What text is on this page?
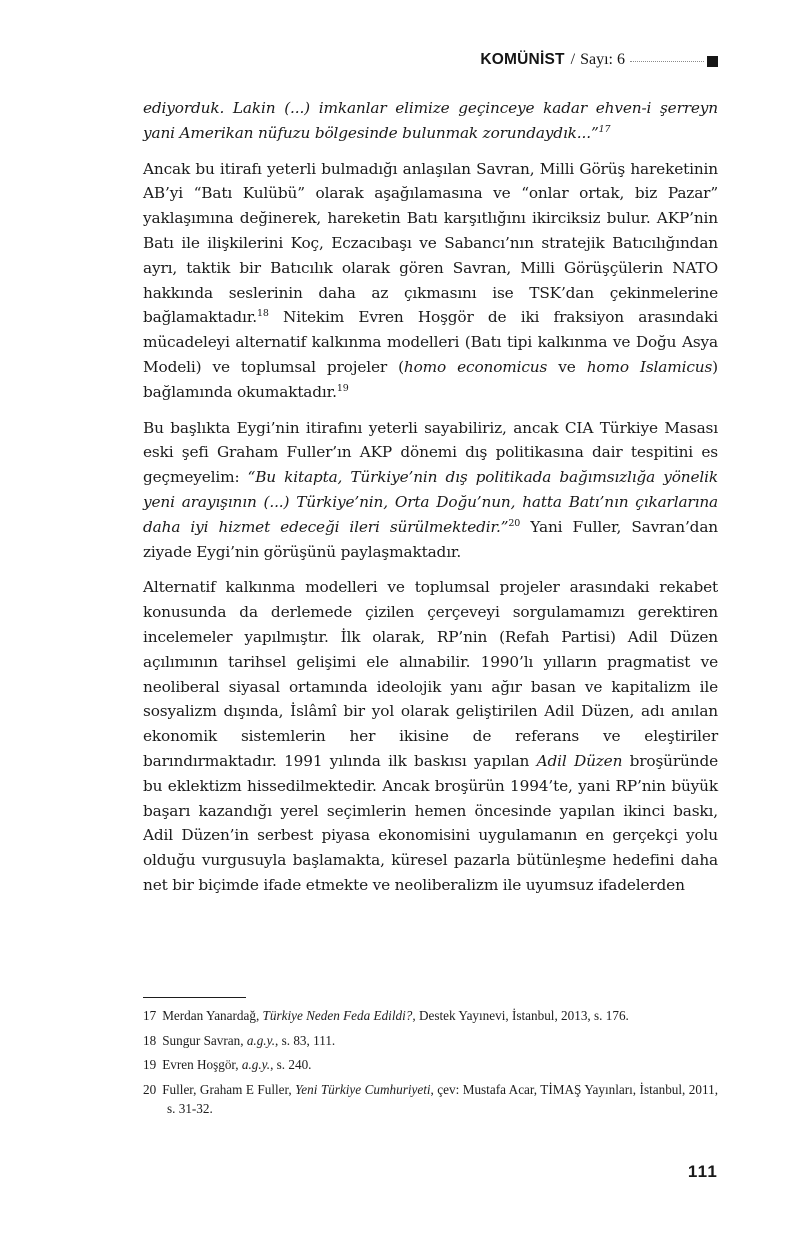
KOMÜNİST / Sayı: 6

ediyorduk. Lakin (...) imkanlar elimize geçinceye kadar ehven-i şerreyn yani Amerikan nüfuzu bölgesinde bulunmak zorundaydık...”$^{17}$

Ancak bu itirafı yeterli bulmadığı anlaşılan Savran, Milli Görüş hareketinin AB’yi “Batı Kulübü” olarak aşağılamasına ve “onlar ortak, biz Pazar” yaklaşımına değinerek, hareketin Batı karşıtlığını ikirciksiz bulur. AKP’nin Batı ile ilişkilerini Koç, Eczacıbaşı ve Sabancı’nın stratejik Batıcılığından ayrı, taktik bir Batıcılık olarak gören Savran, Milli Görüşçülerin NATO hakkında seslerinin daha az çıkmasını ise TSK’dan çekinmelerine bağlamaktadır.$^{18}$ Nitekim Evren Hoşgör de iki fraksiyon arasındaki mücadeleyi alternatif kalkınma modelleri (Batı tipi kalkınma ve Doğu Asya Modeli) ve toplumsal projeler (homo economicus ve homo Islamicus) bağlamında okumaktadır.$^{19}$

Bu başlıkta Eygi’nin itirafını yeterli sayabiliriz, ancak CIA Türkiye Masası eski şefi Graham Fuller’ın AKP dönemi dış politikasına dair tespitini es geçmeyelim: “Bu kitapta, Türkiye’nin dış politikada bağımsızlığa yönelik yeni arayışının (...) Türkiye’nin, Orta Doğu’nun, hatta Batı’nın çıkarlarına daha iyi hizmet edeceği ileri sürülmektedir.”$^{20}$ Yani Fuller, Savran’dan ziyade Eygi’nin görüşünü paylaşmaktadır.

Alternatif kalkınma modelleri ve toplumsal projeler arasındaki rekabet konusunda da derlemede çizilen çerçeveyi sorgulamamızı gerektiren incelemeler yapılmıştır. İlk olarak, RP’nin (Refah Partisi) Adil Düzen açılımının tarihsel gelişimi ele alınabilir. 1990’lı yılların pragmatist ve neoliberal siyasal ortamında ideolojik yanı ağır basan ve kapitalizm ile sosyalizm dışında, İslâmî bir yol olarak geliştirilen Adil Düzen, adı anılan ekonomik sistemlerin her ikisine de referans ve eleştiriler barındırmaktadır. 1991 yılında ilk baskısı yapılan Adil Düzen broşüründe bu eklektizm hissedilmektedir. Ancak broşürün 1994’te, yani RP’nin büyük başarı kazandığı yerel seçimlerin hemen öncesinde yapılan ikinci baskı, Adil Düzen’in serbest piyasa ekonomisini uygulamanın en gerçekçi yolu olduğu vurgusuyla başlamakta, küresel pazarla bütünleşme hedefini daha net bir biçimde ifade etmekte ve neoliberalizm ile uyumsuz ifadelerden

17 Merdan Yanardağ, Türkiye Neden Feda Edildi?, Destek Yayınevi, İstanbul, 2013, s. 176.

18 Sungur Savran, a.g.y., s. 83, 111.

19 Evren Hoşgör, a.g.y., s. 240.

20 Fuller, Graham E Fuller, Yeni Türkiye Cumhuriyeti, çev: Mustafa Acar, TİMAŞ Yayınları, İstanbul, 2011, s. 31-32.

111
